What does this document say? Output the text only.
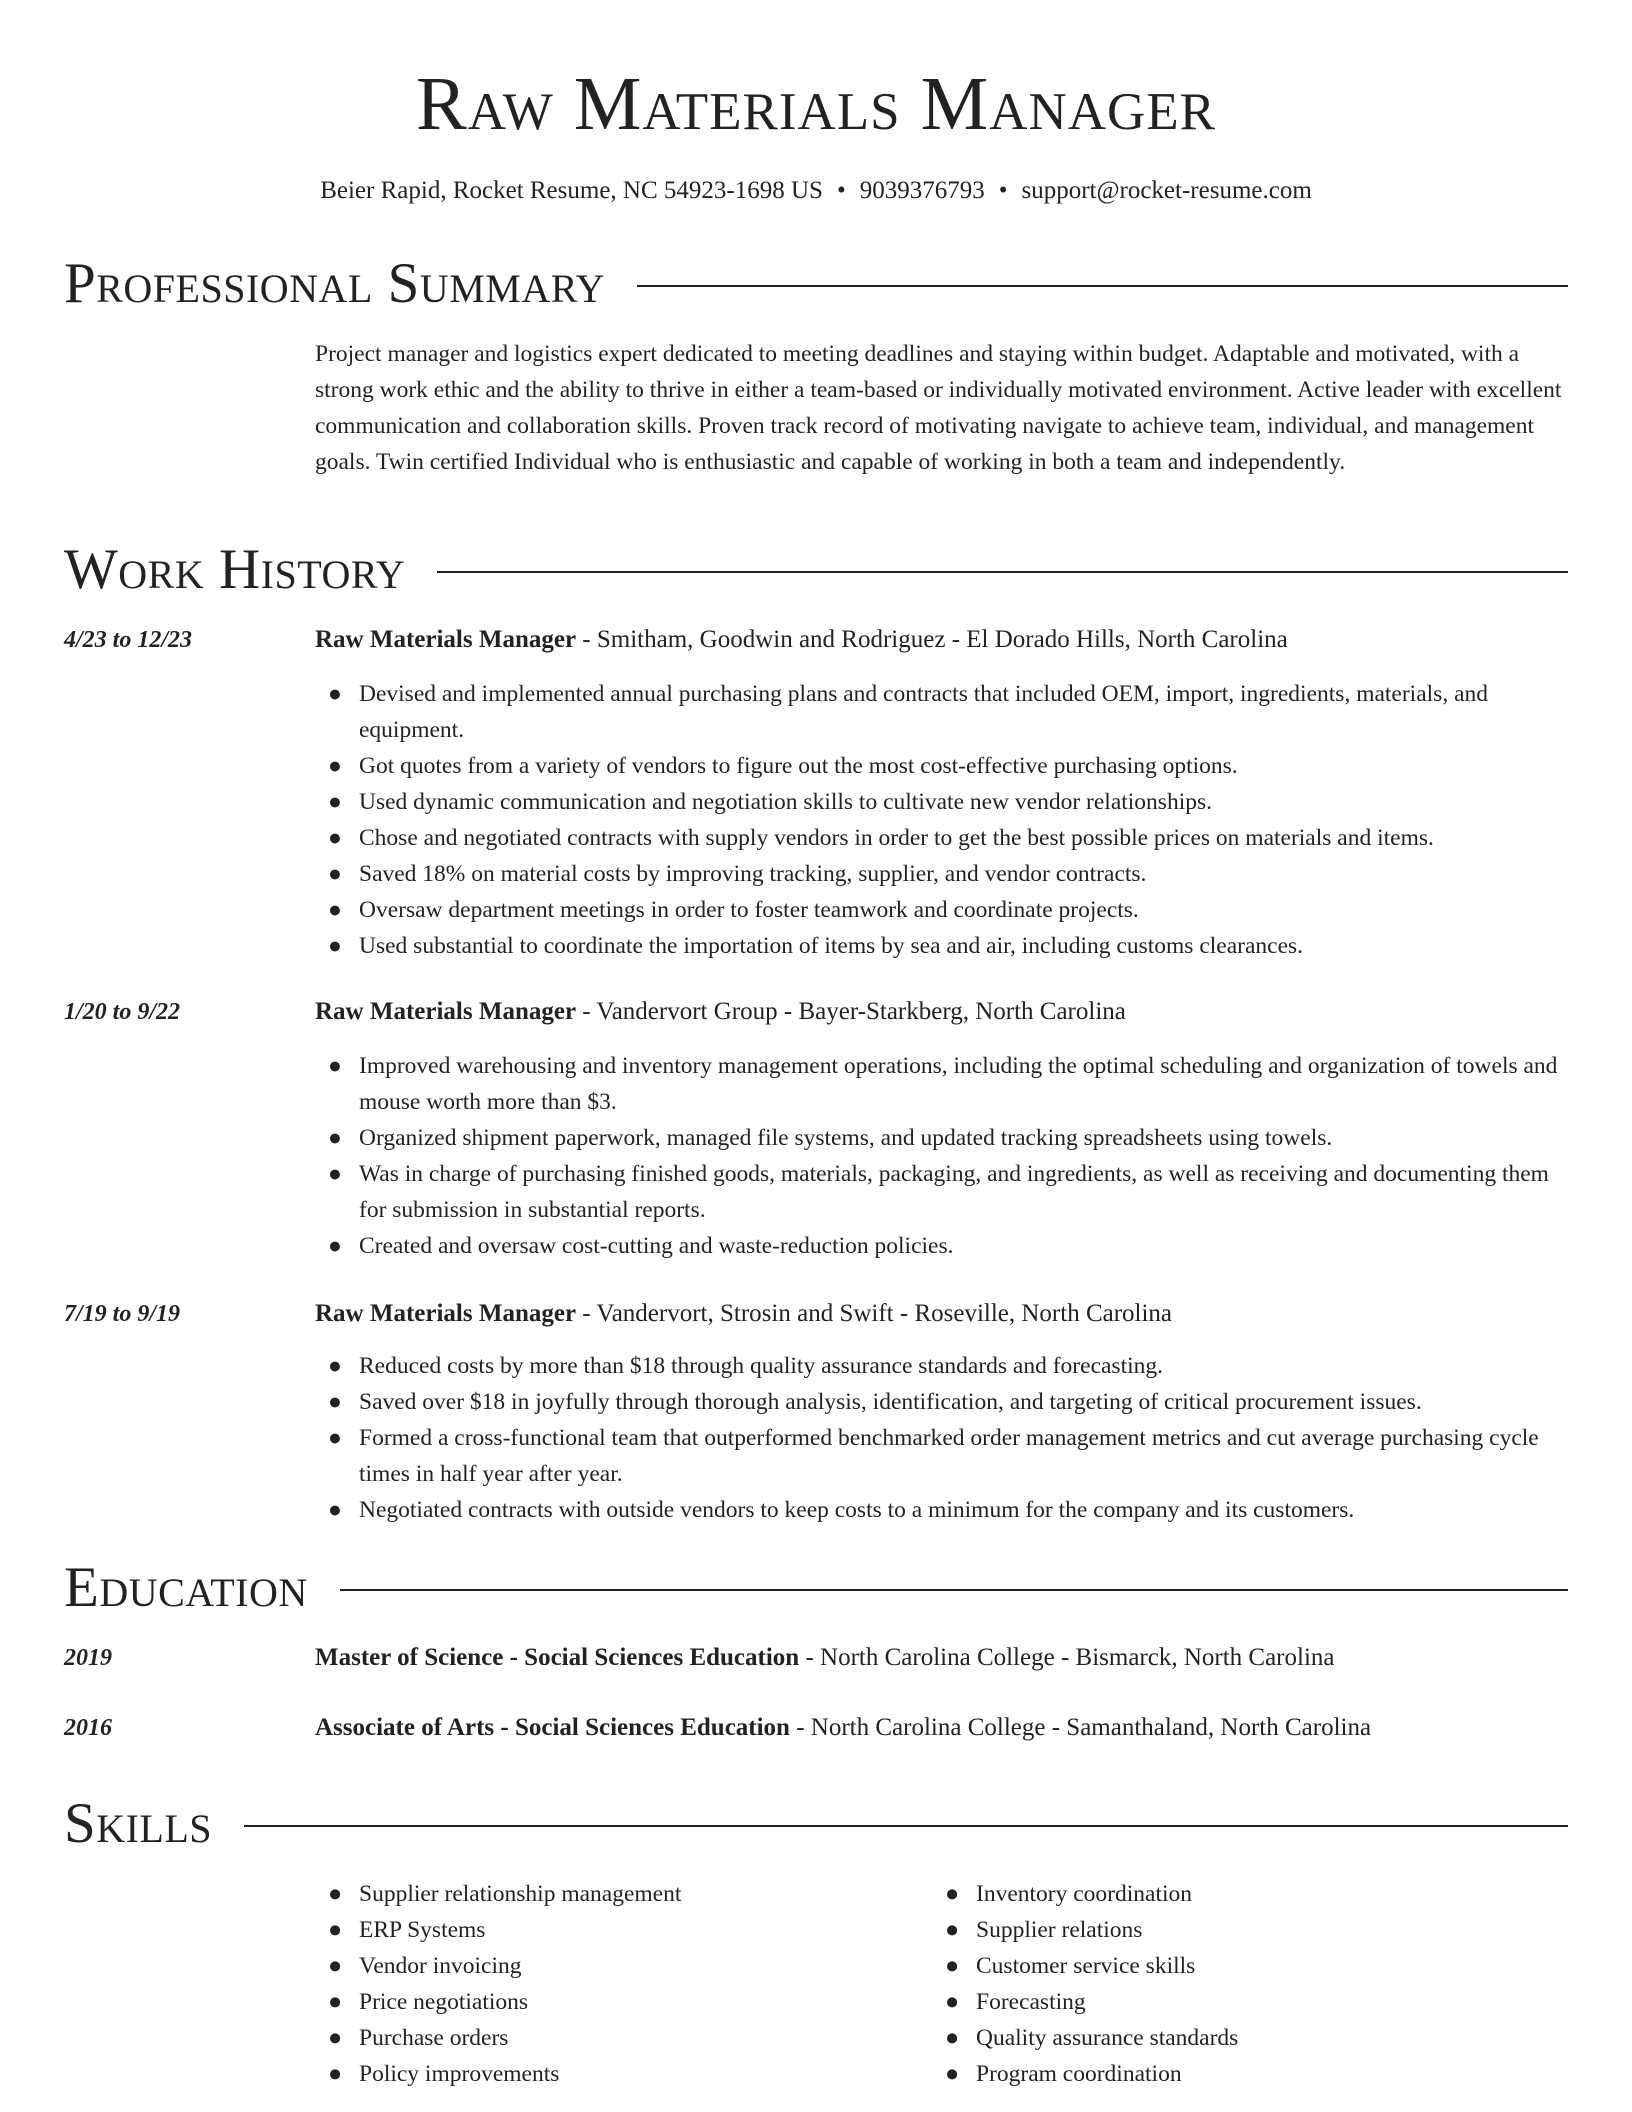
Raw Materials Manager
Beier Rapid, Rocket Resume, NC 54923-1698 US • 9039376793 • support@rocket-resume.com
Professional Summary
Project manager and logistics expert dedicated to meeting deadlines and staying within budget. Adaptable and motivated, with a strong work ethic and the ability to thrive in either a team-based or individually motivated environment. Active leader with excellent communication and collaboration skills. Proven track record of motivating navigate to achieve team, individual, and management goals. Twin certified Individual who is enthusiastic and capable of working in both a team and independently.
Work History
4/23 to 12/23	Raw Materials Manager - Smitham, Goodwin and Rodriguez - El Dorado Hills, North Carolina
● Devised and implemented annual purchasing plans and contracts that included OEM, import, ingredients, materials, and equipment.
● Got quotes from a variety of vendors to figure out the most cost-effective purchasing options.
● Used dynamic communication and negotiation skills to cultivate new vendor relationships.
● Chose and negotiated contracts with supply vendors in order to get the best possible prices on materials and items.
● Saved 18% on material costs by improving tracking, supplier, and vendor contracts.
● Oversaw department meetings in order to foster teamwork and coordinate projects.
● Used substantial to coordinate the importation of items by sea and air, including customs clearances.
1/20 to 9/22	Raw Materials Manager - Vandervort Group - Bayer-Starkberg, North Carolina
● Improved warehousing and inventory management operations, including the optimal scheduling and organization of towels and mouse worth more than $3.
● Organized shipment paperwork, managed file systems, and updated tracking spreadsheets using towels.
● Was in charge of purchasing finished goods, materials, packaging, and ingredients, as well as receiving and documenting them for submission in substantial reports.
● Created and oversaw cost-cutting and waste-reduction policies.
7/19 to 9/19	Raw Materials Manager - Vandervort, Strosin and Swift - Roseville, North Carolina
● Reduced costs by more than $18 through quality assurance standards and forecasting.
● Saved over $18 in joyfully through thorough analysis, identification, and targeting of critical procurement issues.
● Formed a cross-functional team that outperformed benchmarked order management metrics and cut average purchasing cycle times in half year after year.
● Negotiated contracts with outside vendors to keep costs to a minimum for the company and its customers.
Education
2019	Master of Science - Social Sciences Education - North Carolina College - Bismarck, North Carolina
2016	Associate of Arts - Social Sciences Education - North Carolina College - Samanthaland, North Carolina
Skills
● Supplier relationship management
● ERP Systems
● Vendor invoicing
● Price negotiations
● Purchase orders
● Policy improvements
● Inventory coordination
● Supplier relations
● Customer service skills
● Forecasting
● Quality assurance standards
● Program coordination
